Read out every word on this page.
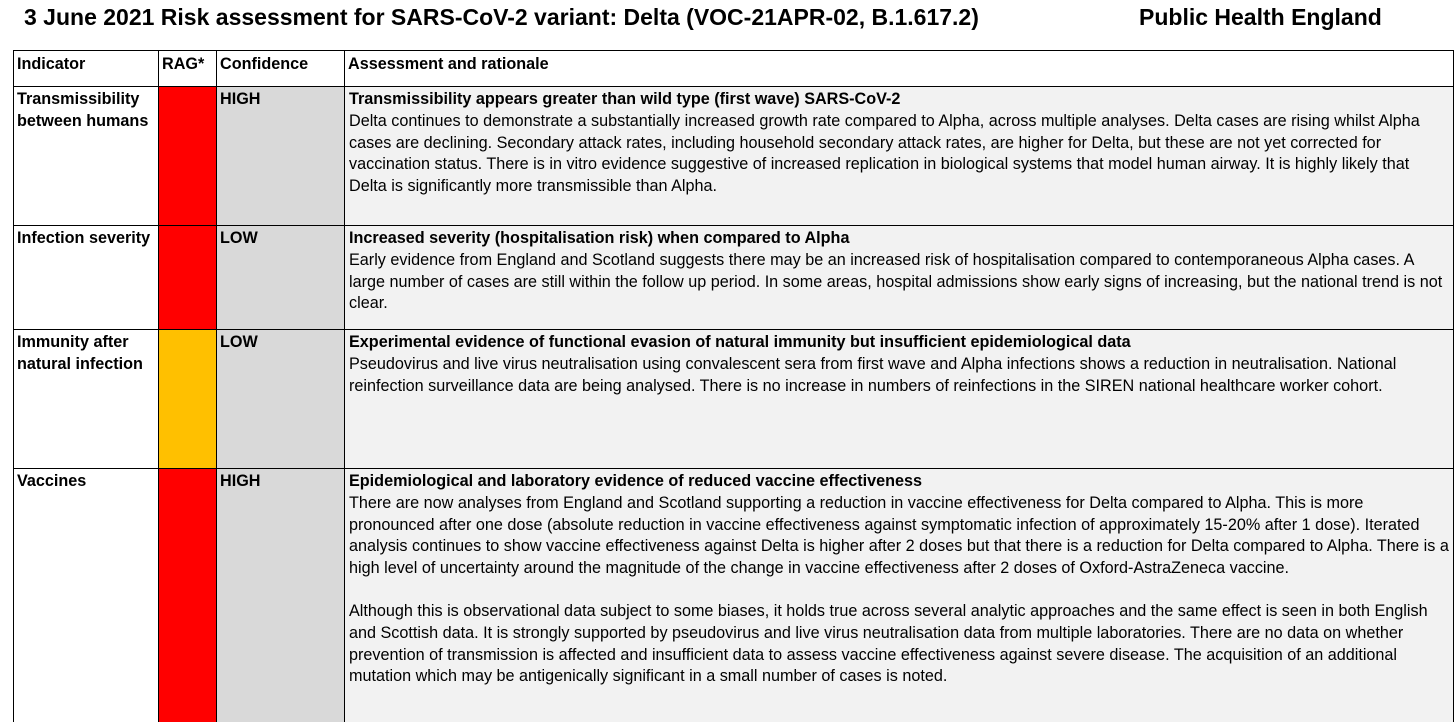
3 June 2021 Risk assessment for SARS-CoV-2 variant: Delta (VOC-21APR-02, B.1.617.2)	Public Health England
Indicator	RAG*	Confidence	Assessment and rationale
Transmissibility between humans		HIGH	Transmissibility appears greater than wild type (first wave) SARS-CoV-2
Delta continues to demonstrate a substantially increased growth rate compared to Alpha, across multiple analyses. Delta cases are rising whilst Alpha cases are declining. Secondary attack rates, including household secondary attack rates, are higher for Delta, but these are not yet corrected for vaccination status. There is in vitro evidence suggestive of increased replication in biological systems that model human airway. It is highly likely that Delta is significantly more transmissible than Alpha.

Infection severity		LOW	Increased severity (hospitalisation risk) when compared to Alpha
Early evidence from England and Scotland suggests there may be an increased risk of hospitalisation compared to contemporaneous Alpha cases. A large number of cases are still within the follow up period. In some areas, hospital admissions show early signs of increasing, but the national trend is not clear.

Immunity after natural infection		LOW	Experimental evidence of functional evasion of natural immunity but insufficient epidemiological data
Pseudovirus and live virus neutralisation using convalescent sera from first wave and Alpha infections shows a reduction in neutralisation. National reinfection surveillance data are being analysed. There is no increase in numbers of reinfections in the SIREN national healthcare worker cohort.

Vaccines		HIGH	Epidemiological and laboratory evidence of reduced vaccine effectiveness
There are now analyses from England and Scotland supporting a reduction in vaccine effectiveness for Delta compared to Alpha. This is more pronounced after one dose (absolute reduction in vaccine effectiveness against symptomatic infection of approximately 15-20% after 1 dose). Iterated analysis continues to show vaccine effectiveness against Delta is higher after 2 doses but that there is a reduction for Delta compared to Alpha. There is a high level of uncertainty around the magnitude of the change in vaccine effectiveness after 2 doses of Oxford-AstraZeneca vaccine.
Although this is observational data subject to some biases, it holds true across several analytic approaches and the same effect is seen in both English and Scottish data. It is strongly supported by pseudovirus and live virus neutralisation data from multiple laboratories. There are no data on whether prevention of transmission is affected and insufficient data to assess vaccine effectiveness against severe disease. The acquisition of an additional mutation which may be antigenically significant in a small number of cases is noted.
